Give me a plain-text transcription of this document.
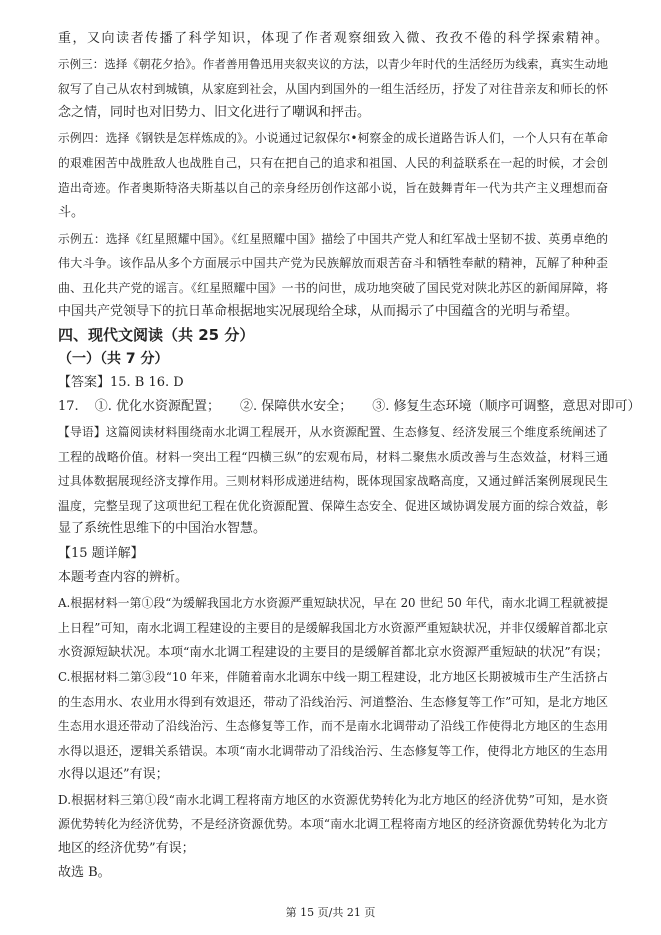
重，又向读者传播了科学知识，体现了作者观察细致入微、孜孜不倦的科学探索精神。
示例三：选择《朝花夕拾》。作者善用鲁迅用夹叙夹议的方法，以青少年时代的生活经历为线索，真实生动地
叙写了自己从农村到城镇，从家庭到社会，从国内到国外的一组生活经历，抒发了对往昔亲友和师长的怀
念之情，同时也对旧势力、旧文化进行了嘲讽和抨击。
示例四：选择《钢铁是怎样炼成的》。小说通过记叙保尔•柯察金的成长道路告诉人们，一个人只有在革命
的艰难困苦中战胜敌人也战胜自己，只有在把自己的追求和祖国、人民的利益联系在一起的时候，才会创
造出奇迹。作者奥斯特洛夫斯基以自己的亲身经历创作这部小说，旨在鼓舞青年一代为共产主义理想而奋
斗。
示例五：选择《红星照耀中国》。《红星照耀中国》描绘了中国共产党人和红军战士坚韧不拔、英勇卓绝的
伟大斗争。该作品从多个方面展示中国共产党为民族解放而艰苦奋斗和牺牲奉献的精神，瓦解了种种歪
曲、丑化共产党的谣言。《红星照耀中国》一书的问世，成功地突破了国民党对陕北苏区的新闻屏障，将
中国共产党领导下的抗日革命根据地实况展现给全球，从而揭示了中国蕴含的光明与希望。
四、现代文阅读（共 25 分）
（一）（共 7 分）
【答案】15. B 16. D
17. ①. 优化水资源配置； ②. 保障供水安全； ③. 修复生态环境（顺序可调整，意思对即可）
【导语】这篇阅读材料围绕南水北调工程展开，从水资源配置、生态修复、经济发展三个维度系统阐述了
工程的战略价值。材料一突出工程“四横三纵”的宏观布局，材料二聚焦水质改善与生态效益，材料三通
过具体数据展现经济支撑作用。三则材料形成递进结构，既体现国家战略高度，又通过鲜活案例展现民生
温度，完整呈现了这项世纪工程在优化资源配置、保障生态安全、促进区域协调发展方面的综合效益，彰
显了系统性思维下的中国治水智慧。
【15 题详解】
本题考查内容的辨析。
A.根据材料一第①段“为缓解我国北方水资源严重短缺状况，早在 20 世纪 50 年代，南水北调工程就被提
上日程”可知，南水北调工程建设的主要目的是缓解我国北方水资源严重短缺状况，并非仅缓解首都北京
水资源短缺状况。本项“南水北调工程建设的主要目的是缓解首都北京水资源严重短缺的状况”有误；
C.根据材料二第③段“10 年来，伴随着南水北调东中线一期工程建设，北方地区长期被城市生产生活挤占
的生态用水、农业用水得到有效退还，带动了沿线治污、河道整治、生态修复等工作”可知，是北方地区
生态用水退还带动了沿线治污、生态修复等工作，而不是南水北调带动了沿线工作使得北方地区的生态用
水得以退还，逻辑关系错误。本项“南水北调带动了沿线治污、生态修复等工作，使得北方地区的生态用
水得以退还”有误；
D.根据材料三第①段“南水北调工程将南方地区的水资源优势转化为北方地区的经济优势”可知，是水资
源优势转化为经济优势，不是经济资源优势。本项“南水北调工程将南方地区的经济资源优势转化为北方
地区的经济优势”有误；
故选 B。
第 15 页/共 21 页
